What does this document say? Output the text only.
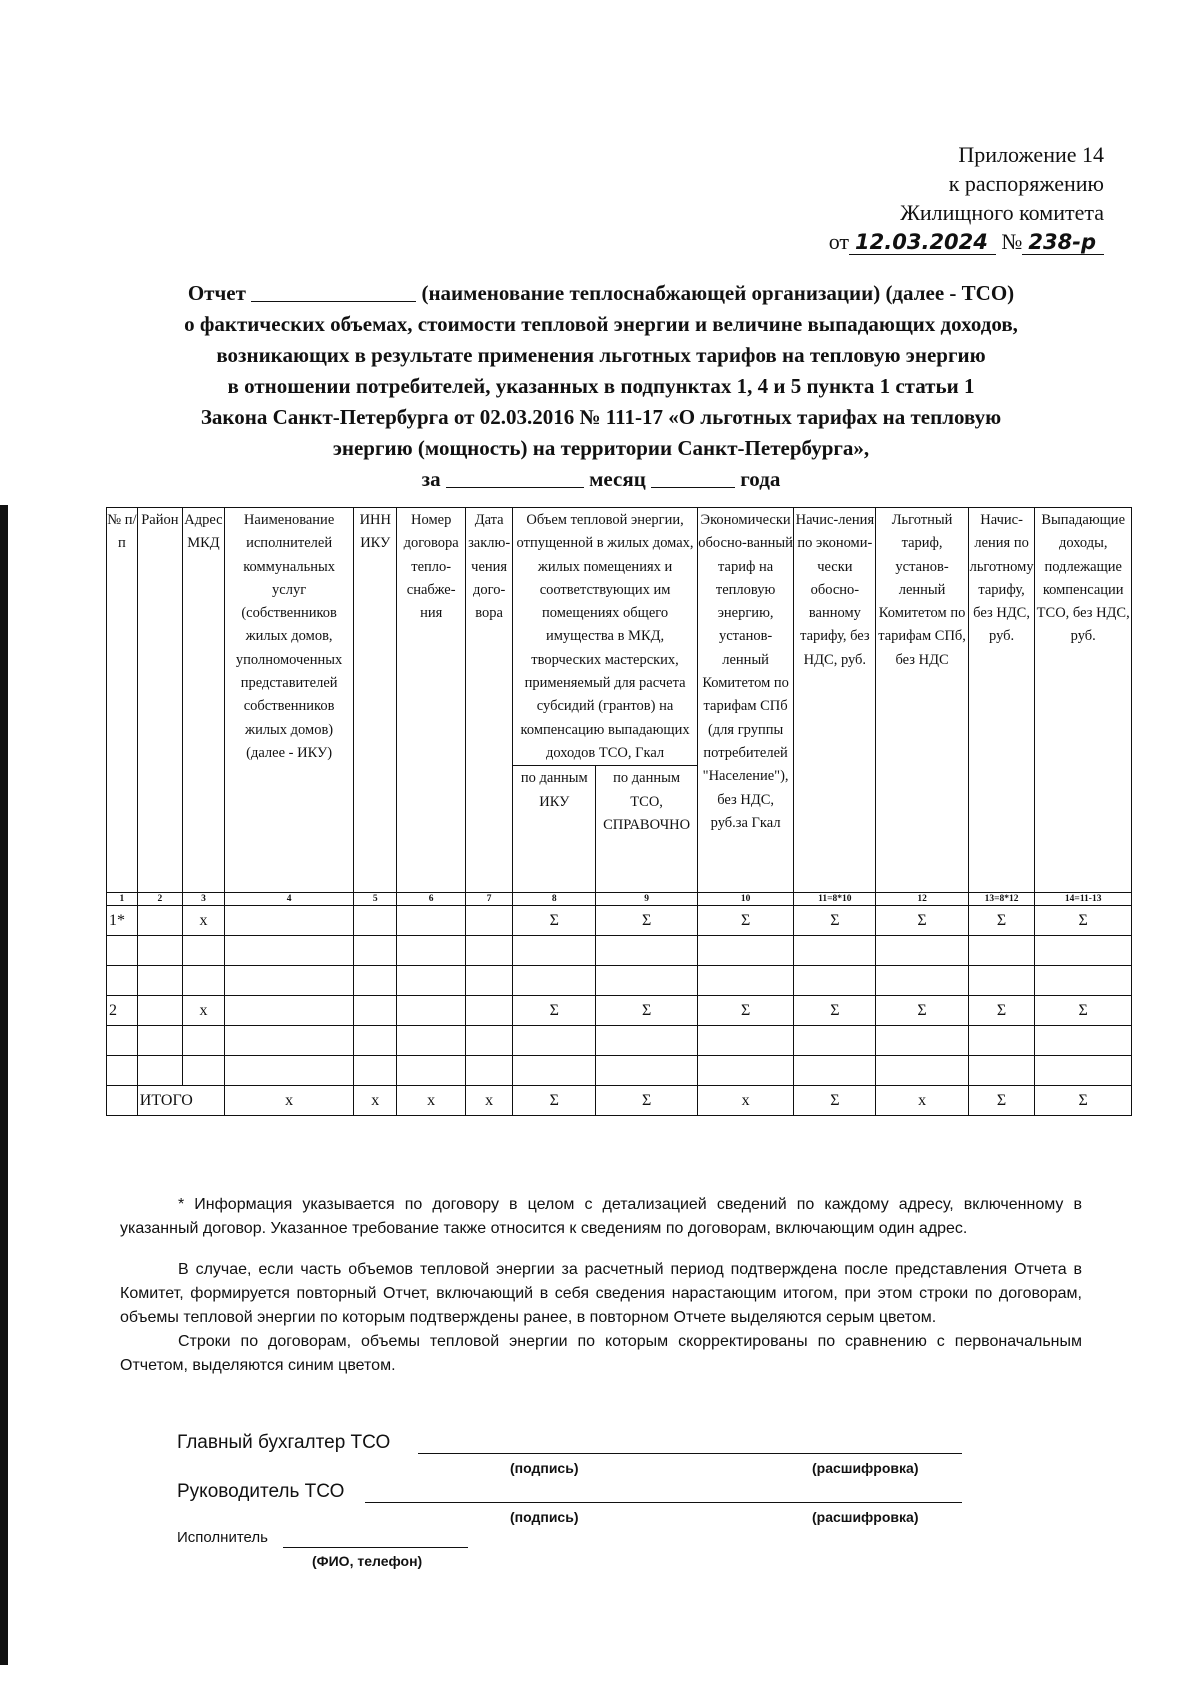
Приложение 14
к распоряжению
Жилищного комитета
от 12.03.2024 № 238-р
Отчет	(наименование теплоснабжающей организации) (далее - ТСО)
о фактических объемах, стоимости тепловой энергии и величине выпадающих доходов,
возникающих в результате применения льготных тарифов на тепловую энергию
в отношении потребителей, указанных в подпунктах 1, 4 и 5 пункта 1 статьи 1
Закона Санкт-Петербурга от 02.03.2016 № 111-17 «О льготных тарифах на тепловую
энергию (мощность) на территории Санкт-Петербурга»,
за	месяц	года
№ п/п	Район	Адрес МКД	Наименование исполнителей коммунальных услуг (собственников жилых домов, уполномоченных представителей собственников жилых домов) (далее - ИКУ)	ИНН ИКУ	Номер договора тепло-снабже-ния	Дата заклю-чения дого-вора	Объем тепловой энергии, отпущенной в жилых домах, жилых помещениях и соответствующих им помещениях общего имущества в МКД, творческих мастерских, применяемый для расчета субсидий (грантов) на компенсацию выпадающих доходов ТСО, Гкал		Экономически обосно-ванный тариф на тепловую энергию, установ-ленный Комитетом по тарифам СПб (для группы потребителей "Население"), без НДС, руб.за Гкал	Начис-ления по экономи-чески обосно-ванному тарифу, без НДС, руб.	Льготный тариф, установ-ленный Комитетом по тарифам СПб, без НДС	Начис-ления по льготному тарифу, без НДС, руб.	Выпадающие доходы, подлежащие компенсации ТСО, без НДС, руб.
							по данным ИКУ	по данным ТСО, СПРАВОЧНО					
1	2	3	4	5	6	7	8	9	10	11=8*10	12	13=8*12	14=11-13
1*		x					Σ	Σ	Σ	Σ	Σ	Σ	Σ

2		x					Σ	Σ	Σ	Σ	Σ	Σ	Σ

	ИТОГО		x	x	x	x	Σ	Σ	x	Σ	x	Σ	Σ

* Информация указывается по договору в целом с детализацией сведений по каждому адресу, включенному в указанный договор. Указанное требование также относится к сведениям по договорам, включающим один адрес.

В случае, если часть объемов тепловой энергии за расчетный период подтверждена после представления Отчета в Комитет, формируется повторный Отчет, включающий в себя сведения нарастающим итогом, при этом строки по договорам, объемы тепловой энергии по которым подтверждены ранее, в повторном Отчете выделяются серым цветом.

Строки по договорам, объемы тепловой энергии по которым скорректированы по сравнению с первоначальным Отчетом, выделяются синим цветом.

Главный бухгалтер ТСО
(подпись)	(расшифровка)
Руководитель ТСО
(подпись)	(расшифровка)
Исполнитель
(ФИО, телефон)
